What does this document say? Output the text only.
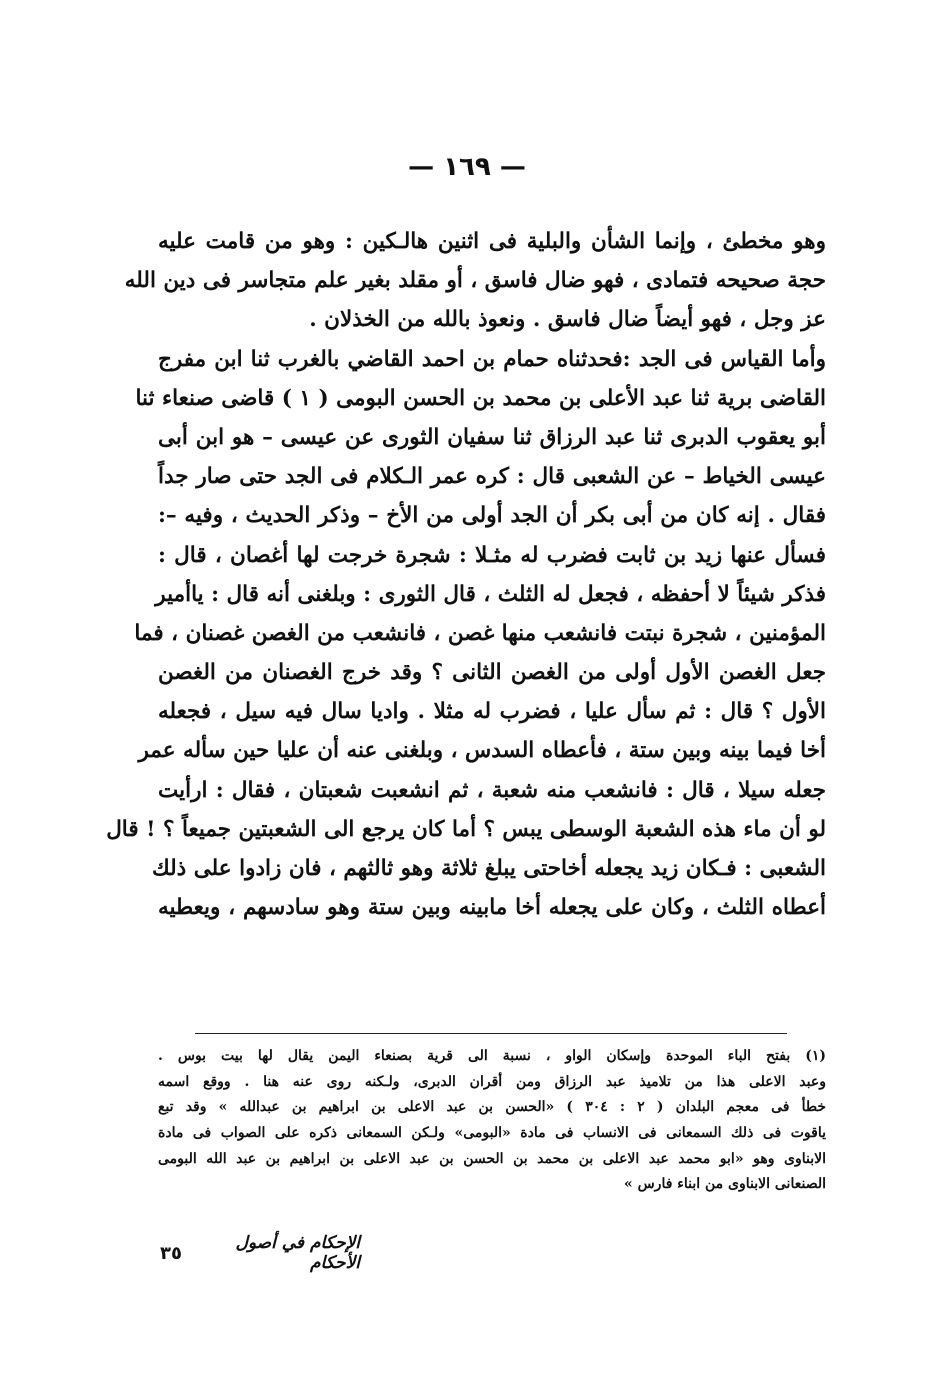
— ١٦٩ —
وهو مخطئ ، وإنما الشأن والبلية فى اثنين هالـكين : وهو من قامت عليه
حجة صحيحه فتمادى ، فهو ضال فاسق ، أو مقلد بغير علم متجاسر فى دين الله
عز وجل ، فهو أيضاً ضال فاسق . ونعوذ بالله من الخذلان .
وأما القياس فى الجد :فحدثناه حمام بن احمد القاضي بالغرب ثنا ابن مفرج
القاضى برية ثنا عبد الأعلى بن محمد بن الحسن البومى ( ١ ) قاضى صنعاء ثنا
أبو يعقوب الدبرى ثنا عبد الرزاق ثنا سفيان الثورى عن عيسى – هو ابن أبى
عيسى الخياط – عن الشعبى قال : كره عمر الـكلام فى الجد حتى صار جداً
فقال . إنه كان من أبى بكر أن الجد أولى من الأخ – وذكر الحديث ، وفيه –:
فسأل عنها زيد بن ثابت فضرب له مثـلا : شجرة خرجت لها أغصان ، قال :
فذكر شيئاً لا أحفظه ، فجعل له الثلث ، قال الثورى : وبلغنى أنه قال : ياأمير
المؤمنين ، شجرة نبتت فانشعب منها غصن ، فانشعب من الغصن غصنان ، فما
جعل الغصن الأول أولى من الغصن الثانى ؟ وقد خرج الغصنان من الغصن
الأول ؟ قال : ثم سأل عليا ، فضرب له مثلا . واديا سال فيه سيل ، فجعله
أخا فيما بينه وبين ستة ، فأعطاه السدس ، وبلغنى عنه أن عليا حين سأله عمر
جعله سيلا ، قال : فانشعب منه شعبة ، ثم انشعبت شعبتان ، فقال : ارأيت
لو أن ماء هذه الشعبة الوسطى يبس ؟ أما كان يرجع الى الشعبتين جميعاً ؟ ! قال
الشعبى : فـكان زيد يجعله أخاحتى يبلغ ثلاثة وهو ثالثهم ، فان زادوا على ذلك
أعطاه الثلث ، وكان على يجعله أخا مابينه وبين ستة وهو سادسهم ، ويعطيه
(١) بفتح الباء الموحدة وإسكان الواو ، نسبة الى قرية بصنعاء اليمن يقال لها بيت بوس .
وعبد الاعلى هذا من تلاميذ عبد الرزاق ومن أقران الدبرى، ولـكنه روى عنه هنا . ووقع اسمه
خطأ فى معجم البلدان ( ٢ : ٣٠٤ ) «الحسن بن عبد الاعلى بن ابراهيم بن عبدالله » وقد تبع
ياقوت فى ذلك السمعانى فى الانساب فى مادة «البومى» ولـكن السمعانى ذكره على الصواب فى مادة
الابناوى وهو «ابو محمد عبد الاعلى بن محمد بن الحسن بن عبد الاعلى بن ابراهيم بن عبد الله البومى
الصنعانى الابناوى من ابناء فارس »
الإحكام في أصول الأحكام
٣٥
